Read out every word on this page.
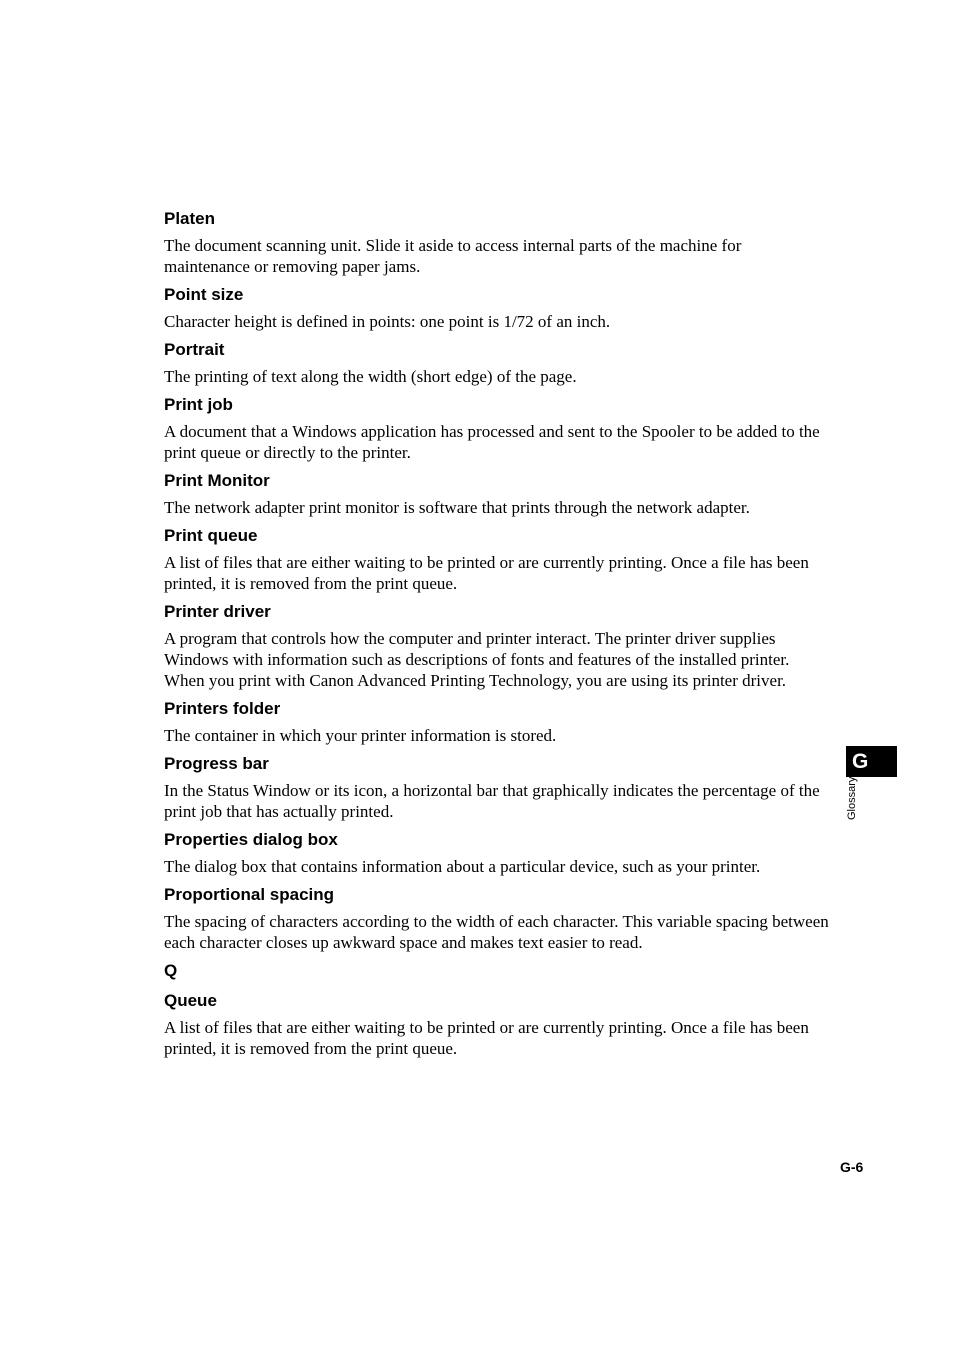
Platen

The document scanning unit. Slide it aside to access internal parts of the machine for maintenance or removing paper jams.

Point size

Character height is defined in points: one point is 1/72 of an inch.

Portrait

The printing of text along the width (short edge) of the page.

Print job

A document that a Windows application has processed and sent to the Spooler to be added to the print queue or directly to the printer.

Print Monitor

The network adapter print monitor is software that prints through the network adapter.

Print queue

A list of files that are either waiting to be printed or are currently printing. Once a file has been printed, it is removed from the print queue.

Printer driver

A program that controls how the computer and printer interact. The printer driver supplies Windows with information such as descriptions of fonts and features of the installed printer. When you print with Canon Advanced Printing Technology, you are using its printer driver.

Printers folder

The container in which your printer information is stored.

Progress bar

In the Status Window or its icon, a horizontal bar that graphically indicates the percentage of the print job that has actually printed.

Properties dialog box

The dialog box that contains information about a particular device, such as your printer.

Proportional spacing

The spacing of characters according to the width of each character. This variable spacing between each character closes up awkward space and makes text easier to read.

Q
Queue

A list of files that are either waiting to be printed or are currently printing. Once a file has been printed, it is removed from the print queue.

G
Glossary
G-6
